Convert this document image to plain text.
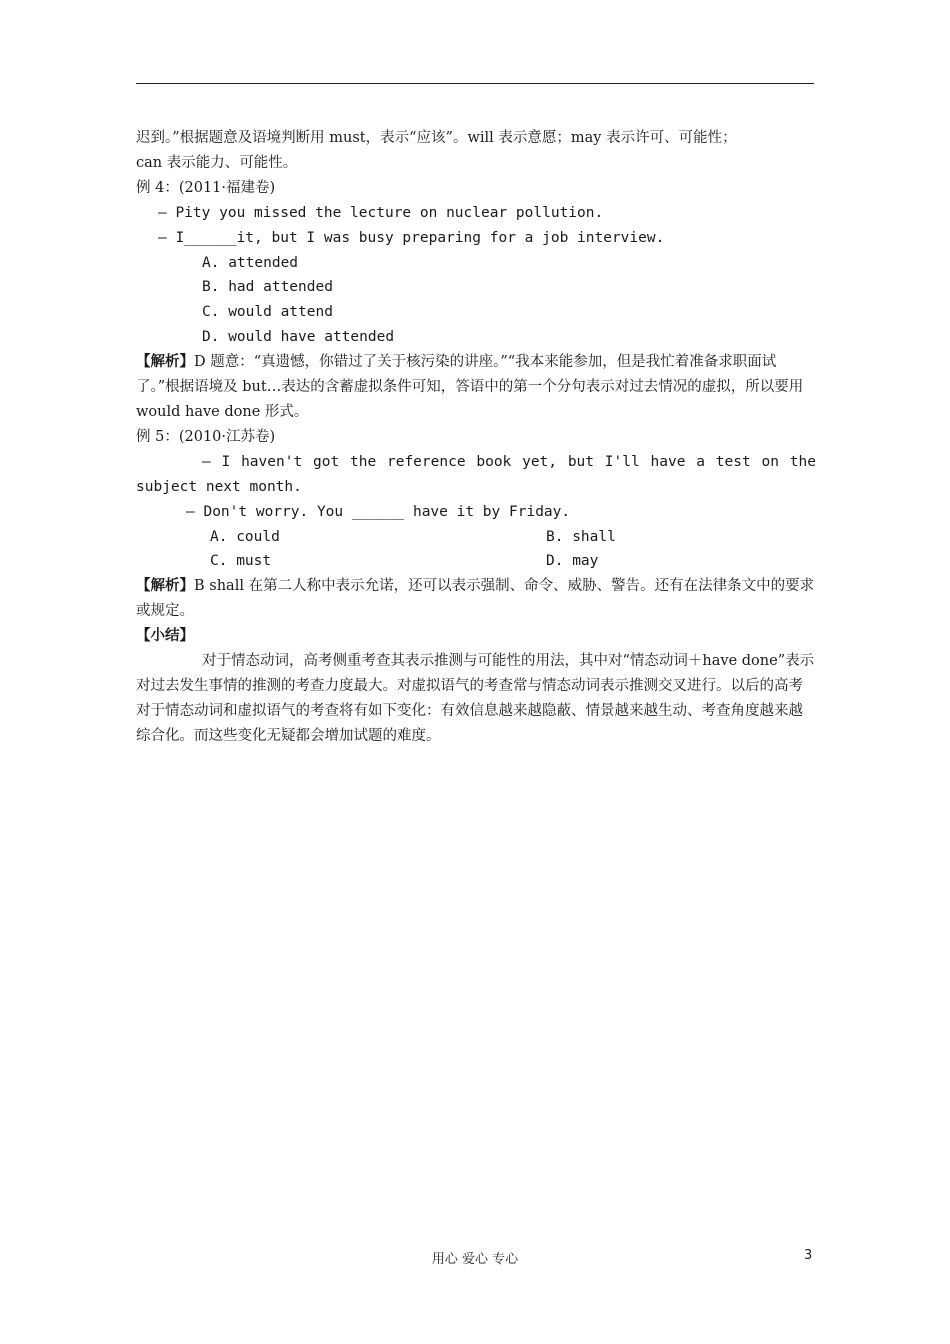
迟到。”根据题意及语境判断用 must，表示“应该”。will 表示意愿；may 表示许可、可能性；
can 表示能力、可能性。
例 4：(2011·福建卷)
— Pity you missed the lecture on nuclear pollution.
— I______it, but I was busy preparing for a job interview.
A. attended
B. had attended
C. would attend
D. would have attended
【解析】D 题意：“真遗憾，你错过了关于核污染的讲座。”“我本来能参加，但是我忙着准备求职面试了。”根据语境及 but…表达的含蓄虚拟条件可知，答语中的第一个分句表示对过去情况的虚拟，所以要用 would have done 形式。
例 5：(2010·江苏卷)
— I haven't got the reference book yet, but I'll have a test on the
subject next month.
— Don't worry. You ______ have it by Friday.
A. could	B. shall
C. must	D. may
【解析】B shall 在第二人称中表示允诺，还可以表示强制、命令、威胁、警告。还有在法律条文中的要求或规定。
【小结】
对于情态动词，高考侧重考查其表示推测与可能性的用法，其中对“情态动词＋have done”表示对过去发生事情的推测的考查力度最大。对虚拟语气的考查常与情态动词表示推测交叉进行。以后的高考对于情态动词和虚拟语气的考查将有如下变化：有效信息越来越隐蔽、情景越来越生动、考查角度越来越综合化。而这些变化无疑都会增加试题的难度。
用心 爱心 专心	3
